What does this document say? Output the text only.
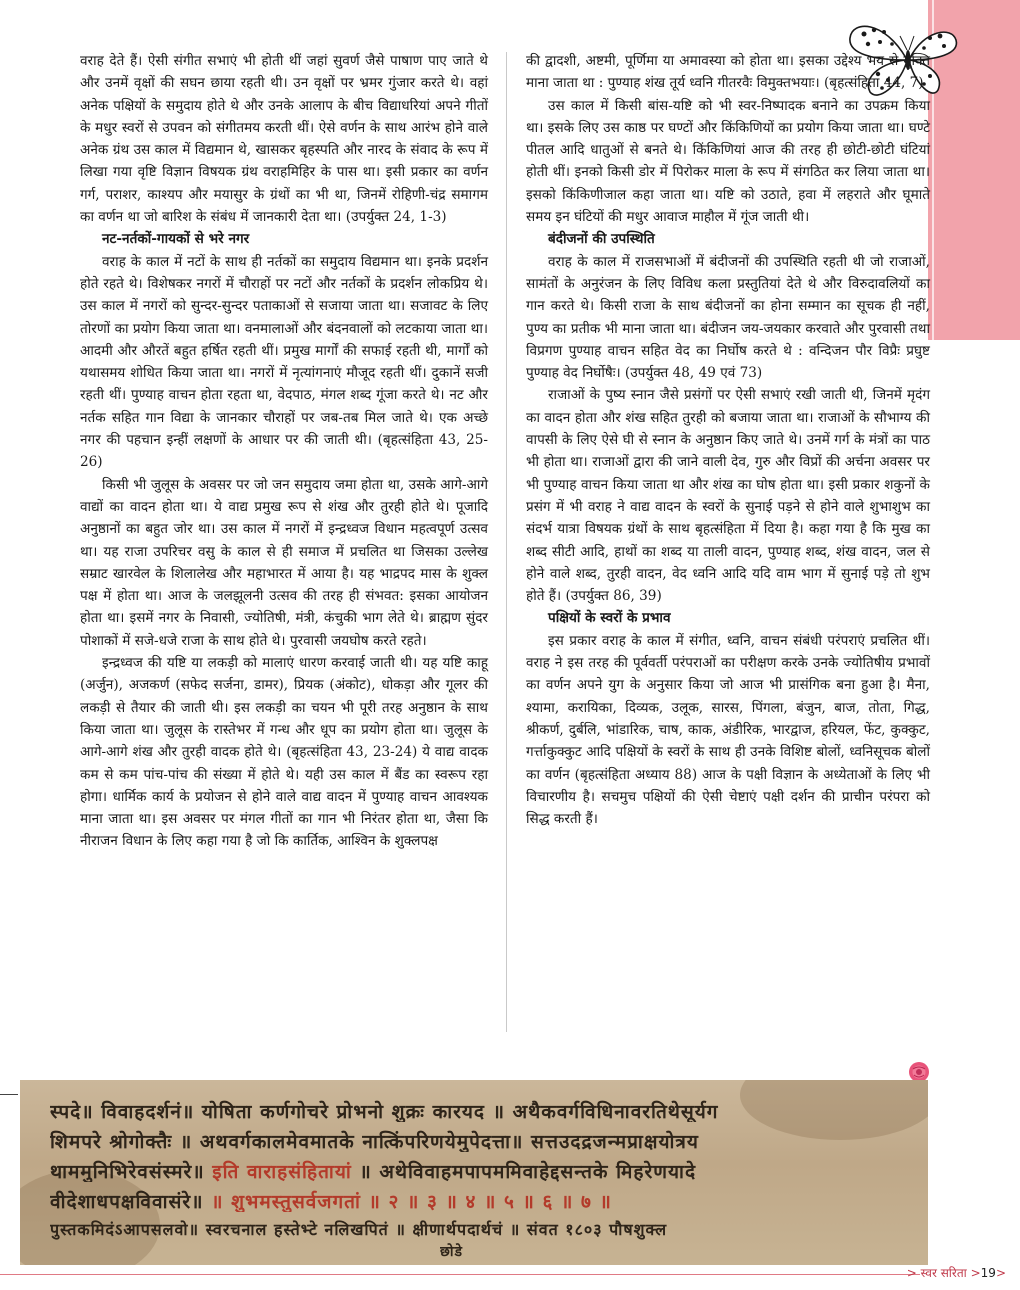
वराह देते हैं। ऐसी संगीत सभाएं भी होती थीं जहां सुवर्ण जैसे पाषाण पाए जाते थे और उनमें वृक्षों की सघन छाया रहती थी। उन वृक्षों पर भ्रमर गुंजार करते थे। वहां अनेक पक्षियों के समुदाय होते थे और उनके आलाप के बीच विद्याधरियां अपने गीतों के मधुर स्वरों से उपवन को संगीतमय करती थीं। ऐसे वर्णन के साथ आरंभ होने वाले अनेक ग्रंथ उस काल में विद्यमान थे, खासकर बृहस्पति और नारद के संवाद के रूप में लिखा गया वृष्टि विज्ञान विषयक ग्रंथ वराहमिहिर के पास था। इसी प्रकार का वर्णन गर्ग, पराशर, काश्यप और मयासुर के ग्रंथों का भी था, जिनमें रोहिणी-चंद्र समागम का वर्णन था जो बारिश के संबंध में जानकारी देता था। (उपर्युक्त 24, 1-3)

नट-नर्तकों-गायकों से भरे नगर

वराह के काल में नटों के साथ ही नर्तकों का समुदाय विद्यमान था। इनके प्रदर्शन होते रहते थे। विशेषकर नगरों में चौराहों पर नटों और नर्तकों के प्रदर्शन लोकप्रिय थे। उस काल में नगरों को सुन्दर-सुन्दर पताकाओं से सजाया जाता था। सजावट के लिए तोरणों का प्रयोग किया जाता था। वनमालाओं और बंदनवालों को लटकाया जाता था। आदमी और औरतें बहुत हर्षित रहती थीं। प्रमुख मार्गों की सफाई रहती थी, मार्गों को यथासमय शोधित किया जाता था। नगरों में नृत्यांगनाएं मौजूद रहती थीं। दुकानें सजी रहती थीं। पुण्याह वाचन होता रहता था, वेदपाठ, मंगल शब्द गूंजा करते थे। नट और नर्तक सहित गान विद्या के जानकार चौराहों पर जब-तब मिल जाते थे। एक अच्छे नगर की पहचान इन्हीं लक्षणों के आधार पर की जाती थी। (बृहत्संहिता 43, 25-26)

किसी भी जुलूस के अवसर पर जो जन समुदाय जमा होता था, उसके आगे-आगे वाद्यों का वादन होता था। ये वाद्य प्रमुख रूप से शंख और तुरही होते थे। पूजादि अनुष्ठानों का बहुत जोर था। उस काल में नगरों में इन्द्रध्वज विधान महत्वपूर्ण उत्सव था। यह राजा उपरिचर वसु के काल से ही समाज में प्रचलित था जिसका उल्लेख सम्राट खारवेल के शिलालेख और महाभारत में आया है। यह भाद्रपद मास के शुक्ल पक्ष में होता था। आज के जलझूलनी उत्सव की तरह ही संभवत: इसका आयोजन होता था। इसमें नगर के निवासी, ज्योतिषी, मंत्री, कंचुकी भाग लेते थे। ब्राह्मण सुंदर पोशाकों में सजे-धजे राजा के साथ होते थे। पुरवासी जयघोष करते रहते।

इन्द्रध्वज की यष्टि या लकड़ी को मालाएं धारण करवाई जाती थी। यह यष्टि काहू (अर्जुन), अजकर्ण (सफेद सर्जना, डामर), प्रियक (अंकोट), धोकड़ा और गूलर की लकड़ी से तैयार की जाती थी। इस लकड़ी का चयन भी पूरी तरह अनुष्ठान के साथ किया जाता था। जुलूस के रास्तेभर में गन्ध और धूप का प्रयोग होता था। जुलूस के आगे-आगे शंख और तुरही वादक होते थे। (बृहत्संहिता 43, 23-24) ये वाद्य वादक कम से कम पांच-पांच की संख्या में होते थे। यही उस काल में बैंड का स्वरूप रहा होगा। धार्मिक कार्य के प्रयोजन से होने वाले वाद्य वादन में पुण्याह वाचन आवश्यक माना जाता था। इस अवसर पर मंगल गीतों का गान भी निरंतर होता था, जैसा कि नीराजन विधान के लिए कहा गया है जो कि कार्तिक, आश्विन के शुक्लपक्ष

की द्वादशी, अष्टमी, पूर्णिमा या अमावस्या को होता था। इसका उद्देश्य भय से मुक्ति माना जाता था : पुण्याह शंख तूर्य ध्वनि गीतरवैः विमुक्तभयाः। (बृहत्संहिता 44, 7)

उस काल में किसी बांस-यष्टि को भी स्वर-निष्पादक बनाने का उपक्रम किया था। इसके लिए उस काष्ठ पर घण्टों और किंकिणियों का प्रयोग किया जाता था। घण्टे पीतल आदि धातुओं से बनते थे। किंकिणियां आज की तरह ही छोटी-छोटी घंटियां होती थीं। इनको किसी डोर में पिरोकर माला के रूप में संगठित कर लिया जाता था। इसको किंकिणीजाल कहा जाता था। यष्टि को उठाते, हवा में लहराते और घूमाते समय इन घंटियों की मधुर आवाज माहौल में गूंज जाती थी।

बंदीजनों की उपस्थिति

वराह के काल में राजसभाओं में बंदीजनों की उपस्थिति रहती थी जो राजाओं, सामंतों के अनुरंजन के लिए विविध कला प्रस्तुतियां देते थे और विरुदावलियों का गान करते थे। किसी राजा के साथ बंदीजनों का होना सम्मान का सूचक ही नहीं, पुण्य का प्रतीक भी माना जाता था। बंदीजन जय-जयकार करवाते और पुरवासी तथा विप्रगण पुण्याह वाचन सहित वेद का निर्घोष करते थे : वन्दिजन पौर विप्रैः प्रघुष्ट पुण्याह वेद निर्घोषैः। (उपर्युक्त 48, 49 एवं 73)

राजाओं के पुष्य स्नान जैसे प्रसंगों पर ऐसी सभाएं रखी जाती थी, जिनमें मृदंग का वादन होता और शंख सहित तुरही को बजाया जाता था। राजाओं के सौभाग्य की वापसी के लिए ऐसे घी से स्नान के अनुष्ठान किए जाते थे। उनमें गर्ग के मंत्रों का पाठ भी होता था। राजाओं द्वारा की जाने वाली देव, गुरु और विप्रों की अर्चना अवसर पर भी पुण्याह वाचन किया जाता था और शंख का घोष होता था। इसी प्रकार शकुनों के प्रसंग में भी वराह ने वाद्य वादन के स्वरों के सुनाई पड़ने से होने वाले शुभाशुभ का संदर्भ यात्रा विषयक ग्रंथों के साथ बृहत्संहिता में दिया है। कहा गया है कि मुख का शब्द सीटी आदि, हाथों का शब्द या ताली वादन, पुण्याह शब्द, शंख वादन, जल से होने वाले शब्द, तुरही वादन, वेद ध्वनि आदि यदि वाम भाग में सुनाई पड़े तो शुभ होते हैं। (उपर्युक्त 86, 39)

पक्षियों के स्वरों के प्रभाव

इस प्रकार वराह के काल में संगीत, ध्वनि, वाचन संबंधी परंपराएं प्रचलित थीं। वराह ने इस तरह की पूर्ववर्ती परंपराओं का परीक्षण करके उनके ज्योतिषीय प्रभावों का वर्णन अपने युग के अनुसार किया जो आज भी प्रासंगिक बना हुआ है। मैना, श्यामा, करायिका, दिव्यक, उलूक, सारस, पिंगला, बंजुन, बाज, तोता, गिद्ध, श्रीकर्ण, दुर्बलि, भांडारिक, चाष, काक, अंडीरिक, भारद्वाज, हरियल, फेंट, कुक्कुट, गर्त्ताकुक्कुट आदि पक्षियों के स्वरों के साथ ही उनके विशिष्ट बोलों, ध्वनिसूचक बोलों का वर्णन (बृहत्संहिता अध्याय 88) आज के पक्षी विज्ञान के अध्येताओं के लिए भी विचारणीय है। सचमुच पक्षियों की ऐसी चेष्टाएं पक्षी दर्शन की प्राचीन परंपरा को सिद्ध करती हैं।

स्पदे॥ विवाहदर्शनं॥ योषिता कर्णगोचरे प्रोभनो शुक्रः कारयद ॥ अथैकवर्गविधिनावरतिथेसूर्यग
शिमपरे श्रोगोक्तैः ॥ अथवर्गकालमेवमातके नात्किंपरिणयेमुपेदत्ता॥ सत्तउदद्रजन्मप्राक्षयोत्रय
थाममुनिभिरेवसंस्मरे॥ इति वाराहसंहितायां ॥ अथेविवाहमपापममिवाहेद्दसन्तके मिहरेणयादे
वीदेशाधपक्षविवासंरे॥ ॥ शुभमस्तुसर्वजगतां ॥ २ ॥ ३ ॥ ४ ॥ ५ ॥ ६ ॥ ७ ॥
पुस्तकमिदंऽआपसलवो॥ स्वरचनाल हस्तेभ्टे नलिखपितं ॥ क्षीणार्थपदार्थचं ॥ संवत १८०३ पौषशुक्ल
छोडे
> स्वर सरिता >19>
